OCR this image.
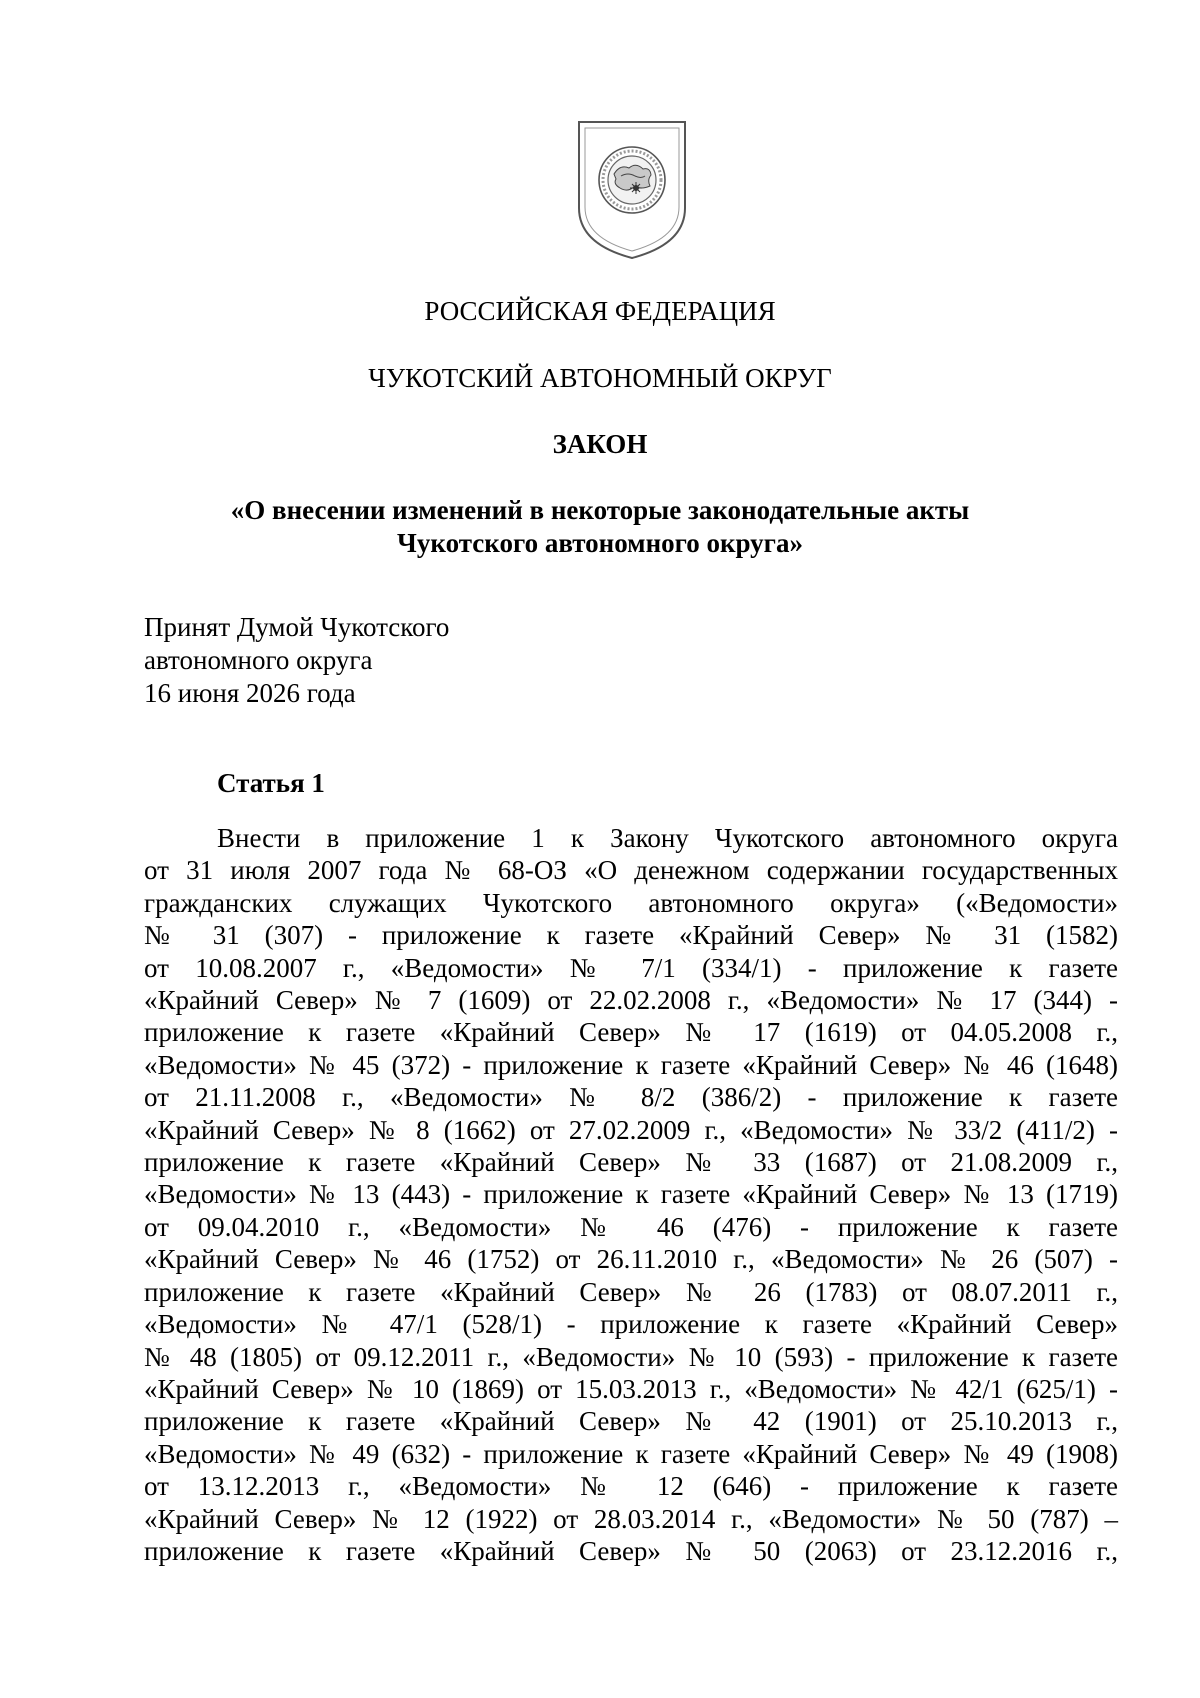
РОССИЙСКАЯ ФЕДЕРАЦИЯ
ЧУКОТСКИЙ АВТОНОМНЫЙ ОКРУГ
ЗАКОН
«О внесении изменений в некоторые законодательные акты
Чукотского автономного округа»
Принят Думой Чукотского
автономного округа
16 июня 2026 года
Статья 1
Внести в приложение 1 к Закону Чукотского автономного округа
от 31 июля 2007 года № 68-ОЗ «О денежном содержании государственных
гражданских служащих Чукотского автономного округа» («Ведомости»
№ 31 (307) - приложение к газете «Крайний Север» № 31 (1582)
от 10.08.2007 г., «Ведомости» № 7/1 (334/1) - приложение к газете
«Крайний Север» № 7 (1609) от 22.02.2008 г., «Ведомости» № 17 (344) -
приложение к газете «Крайний Север» № 17 (1619) от 04.05.2008 г.,
«Ведомости» № 45 (372) - приложение к газете «Крайний Север» № 46 (1648)
от 21.11.2008 г., «Ведомости» № 8/2 (386/2) - приложение к газете
«Крайний Север» № 8 (1662) от 27.02.2009 г., «Ведомости» № 33/2 (411/2) -
приложение к газете «Крайний Север» № 33 (1687) от 21.08.2009 г.,
«Ведомости» № 13 (443) - приложение к газете «Крайний Север» № 13 (1719)
от 09.04.2010 г., «Ведомости» № 46 (476) - приложение к газете
«Крайний Север» № 46 (1752) от 26.11.2010 г., «Ведомости» № 26 (507) -
приложение к газете «Крайний Север» № 26 (1783) от 08.07.2011 г.,
«Ведомости» № 47/1 (528/1) - приложение к газете «Крайний Север»
№ 48 (1805) от 09.12.2011 г., «Ведомости» № 10 (593) - приложение к газете
«Крайний Север» № 10 (1869) от 15.03.2013 г., «Ведомости» № 42/1 (625/1) -
приложение к газете «Крайний Север» № 42 (1901) от 25.10.2013 г.,
«Ведомости» № 49 (632) - приложение к газете «Крайний Север» № 49 (1908)
от 13.12.2013 г., «Ведомости» № 12 (646) - приложение к газете
«Крайний Север» № 12 (1922) от 28.03.2014 г., «Ведомости» № 50 (787) –
приложение к газете «Крайний Север» № 50 (2063) от 23.12.2016 г.,
